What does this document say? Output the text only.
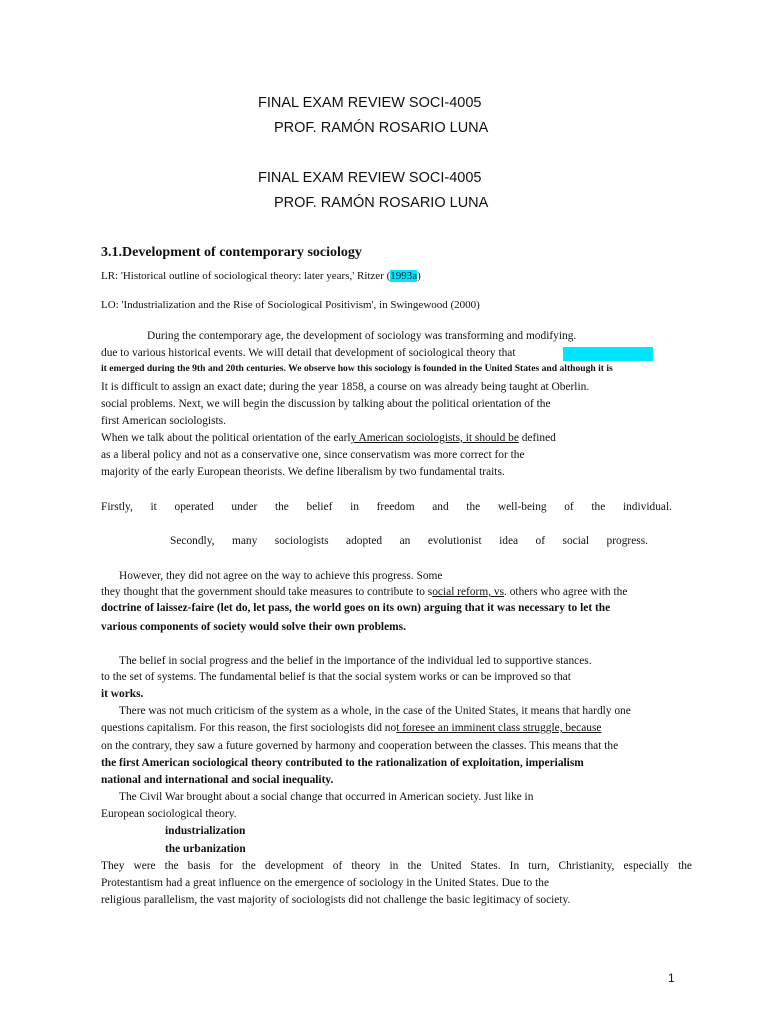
FINAL EXAM REVIEW SOCI-4005
PROF. RAMÓN ROSARIO LUNA
FINAL EXAM REVIEW SOCI-4005
PROF. RAMÓN ROSARIO LUNA
3.1.Development of contemporary sociology
LR: 'Historical outline of sociological theory: later years,' Ritzer (1993a)
LO: 'Industrialization and the Rise of Sociological Positivism', in Swingewood (2000)
During the contemporary age, the development of sociology was transforming and modifying.
due to various historical events. We will detail that development of sociological theory that
it emerged during the 9th and 20th centuries. We observe how this sociology is founded in the United States and although it is
It is difficult to assign an exact date; during the year 1858, a course on was already being taught at Oberlin.
social problems. Next, we will begin the discussion by talking about the political orientation of the
first American sociologists.
When we talk about the political orientation of the early American sociologists, it should be defined
as a liberal policy and not as a conservative one, since conservatism was more correct for the
majority of the early European theorists. We define liberalism by two fundamental traits.
Firstly, it operated under the belief in freedom and the well-being of the individual.
Secondly, many sociologists adopted an evolutionist idea of social progress.
However, they did not agree on the way to achieve this progress. Some
they thought that the government should take measures to contribute to social reform, vs. others who agree with the
doctrine of laissez-faire (let do, let pass, the world goes on its own) arguing that it was necessary to let the
various components of society would solve their own problems.
The belief in social progress and the belief in the importance of the individual led to supportive stances.
to the set of systems. The fundamental belief is that the social system works or can be improved so that
it works.
There was not much criticism of the system as a whole, in the case of the United States, it means that hardly one
questions capitalism. For this reason, the first sociologists did not foresee an imminent class struggle, because
on the contrary, they saw a future governed by harmony and cooperation between the classes. This means that the
the first American sociological theory contributed to the rationalization of exploitation, imperialism
national and international and social inequality.
The Civil War brought about a social change that occurred in American society. Just like in
European sociological theory.
industrialization
the urbanization
They were the basis for the development of theory in the United States. In turn, Christianity, especially the
Protestantism had a great influence on the emergence of sociology in the United States. Due to the
religious parallelism, the vast majority of sociologists did not challenge the basic legitimacy of society.
1
